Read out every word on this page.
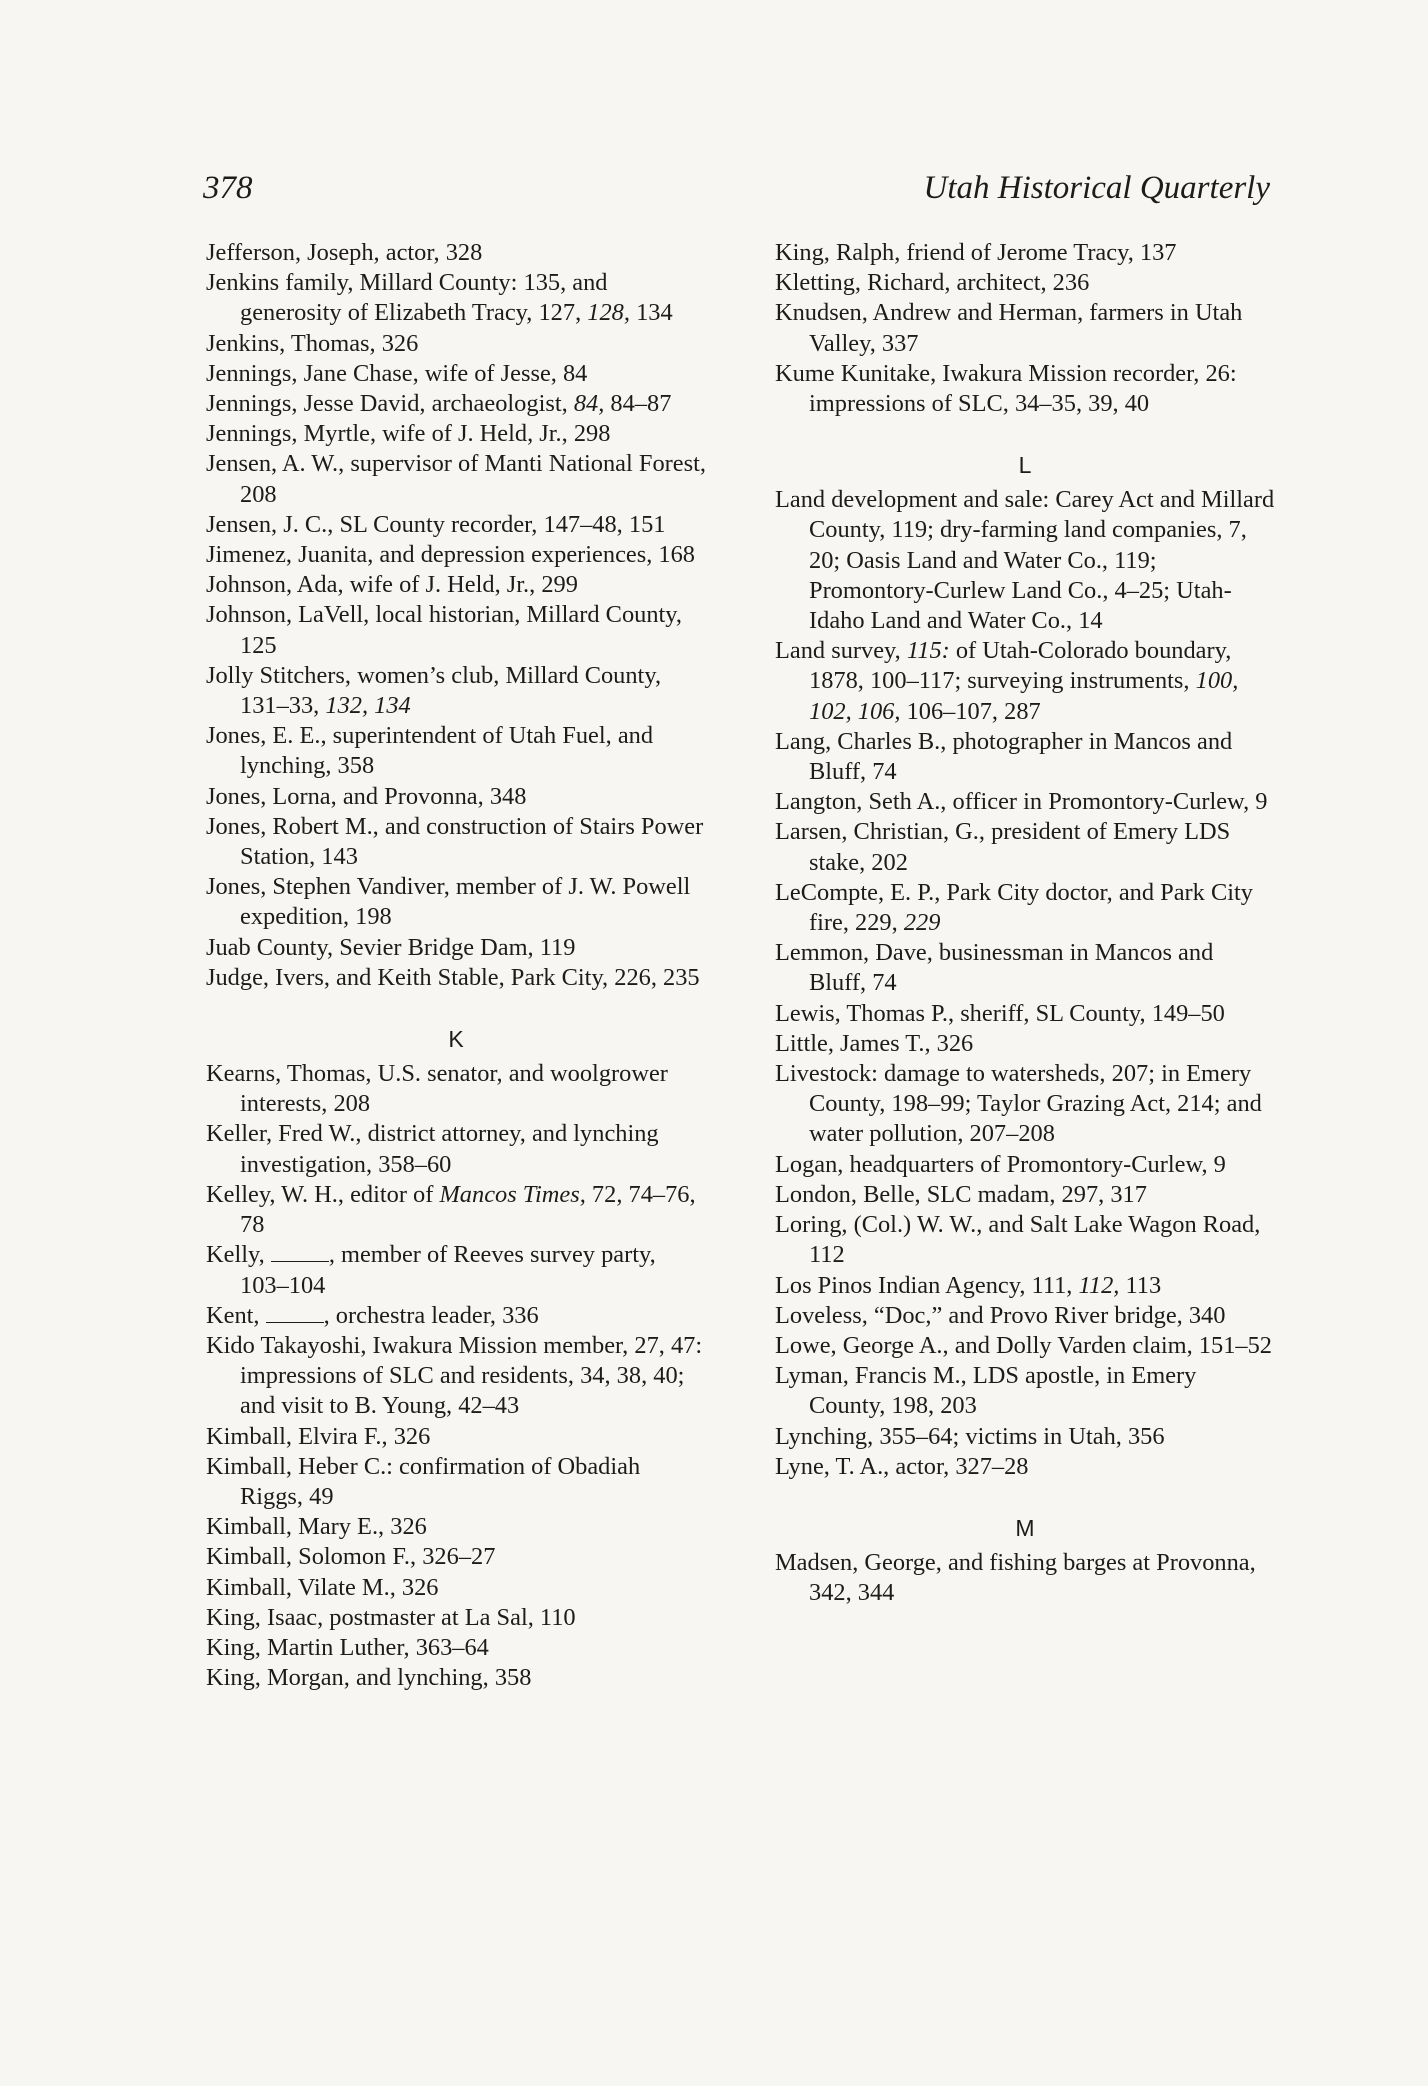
378	Utah Historical Quarterly

Jefferson, Joseph, actor, 328

Jenkins family, Millard County: 135, and generosity of Elizabeth Tracy, 127, 128, 134

Jenkins, Thomas, 326

Jennings, Jane Chase, wife of Jesse, 84

Jennings, Jesse David, archaeologist, 84, 84–87

Jennings, Myrtle, wife of J. Held, Jr., 298

Jensen, A. W., supervisor of Manti National Forest, 208

Jensen, J. C., SL County recorder, 147–48, 151

Jimenez, Juanita, and depression experiences, 168

Johnson, Ada, wife of J. Held, Jr., 299

Johnson, LaVell, local historian, Millard County, 125

Jolly Stitchers, women’s club, Millard County, 131–33, 132, 134

Jones, E. E., superintendent of Utah Fuel, and lynching, 358

Jones, Lorna, and Provonna, 348

Jones, Robert M., and construction of Stairs Power Station, 143

Jones, Stephen Vandiver, member of J. W. Powell expedition, 198

Juab County, Sevier Bridge Dam, 119

Judge, Ivers, and Keith Stable, Park City, 226, 235

K

Kearns, Thomas, U.S. senator, and woolgrower interests, 208

Keller, Fred W., district attorney, and lynching investigation, 358–60

Kelley, W. H., editor of Mancos Times, 72, 74–76, 78

Kelly, , member of Reeves survey party, 103–104

Kent, , orchestra leader, 336

Kido Takayoshi, Iwakura Mission member, 27, 47: impressions of SLC and residents, 34, 38, 40; and visit to B. Young, 42–43

Kimball, Elvira F., 326

Kimball, Heber C.: confirmation of Obadiah Riggs, 49

Kimball, Mary E., 326

Kimball, Solomon F., 326–27

Kimball, Vilate M., 326

King, Isaac, postmaster at La Sal, 110

King, Martin Luther, 363–64

King, Morgan, and lynching, 358

King, Ralph, friend of Jerome Tracy, 137

Kletting, Richard, architect, 236

Knudsen, Andrew and Herman, farmers in Utah Valley, 337

Kume Kunitake, Iwakura Mission recorder, 26: impressions of SLC, 34–35, 39, 40

L

Land development and sale: Carey Act and Millard County, 119; dry-farming land companies, 7, 20; Oasis Land and Water Co., 119; Promontory-Curlew Land Co., 4–25; Utah-Idaho Land and Water Co., 14

Land survey, 115: of Utah-Colorado boundary, 1878, 100–117; surveying instruments, 100, 102, 106, 106–107, 287

Lang, Charles B., photographer in Mancos and Bluff, 74

Langton, Seth A., officer in Promontory-Curlew, 9

Larsen, Christian, G., president of Emery LDS stake, 202

LeCompte, E. P., Park City doctor, and Park City fire, 229, 229

Lemmon, Dave, businessman in Mancos and Bluff, 74

Lewis, Thomas P., sheriff, SL County, 149–50

Little, James T., 326

Livestock: damage to watersheds, 207; in Emery County, 198–99; Taylor Grazing Act, 214; and water pollution, 207–208

Logan, headquarters of Promontory-Curlew, 9

London, Belle, SLC madam, 297, 317

Loring, (Col.) W. W., and Salt Lake Wagon Road, 112

Los Pinos Indian Agency, 111, 112, 113

Loveless, “Doc,” and Provo River bridge, 340

Lowe, George A., and Dolly Varden claim, 151–52

Lyman, Francis M., LDS apostle, in Emery County, 198, 203

Lynching, 355–64; victims in Utah, 356

Lyne, T. A., actor, 327–28

M

Madsen, George, and fishing barges at Provonna, 342, 344
